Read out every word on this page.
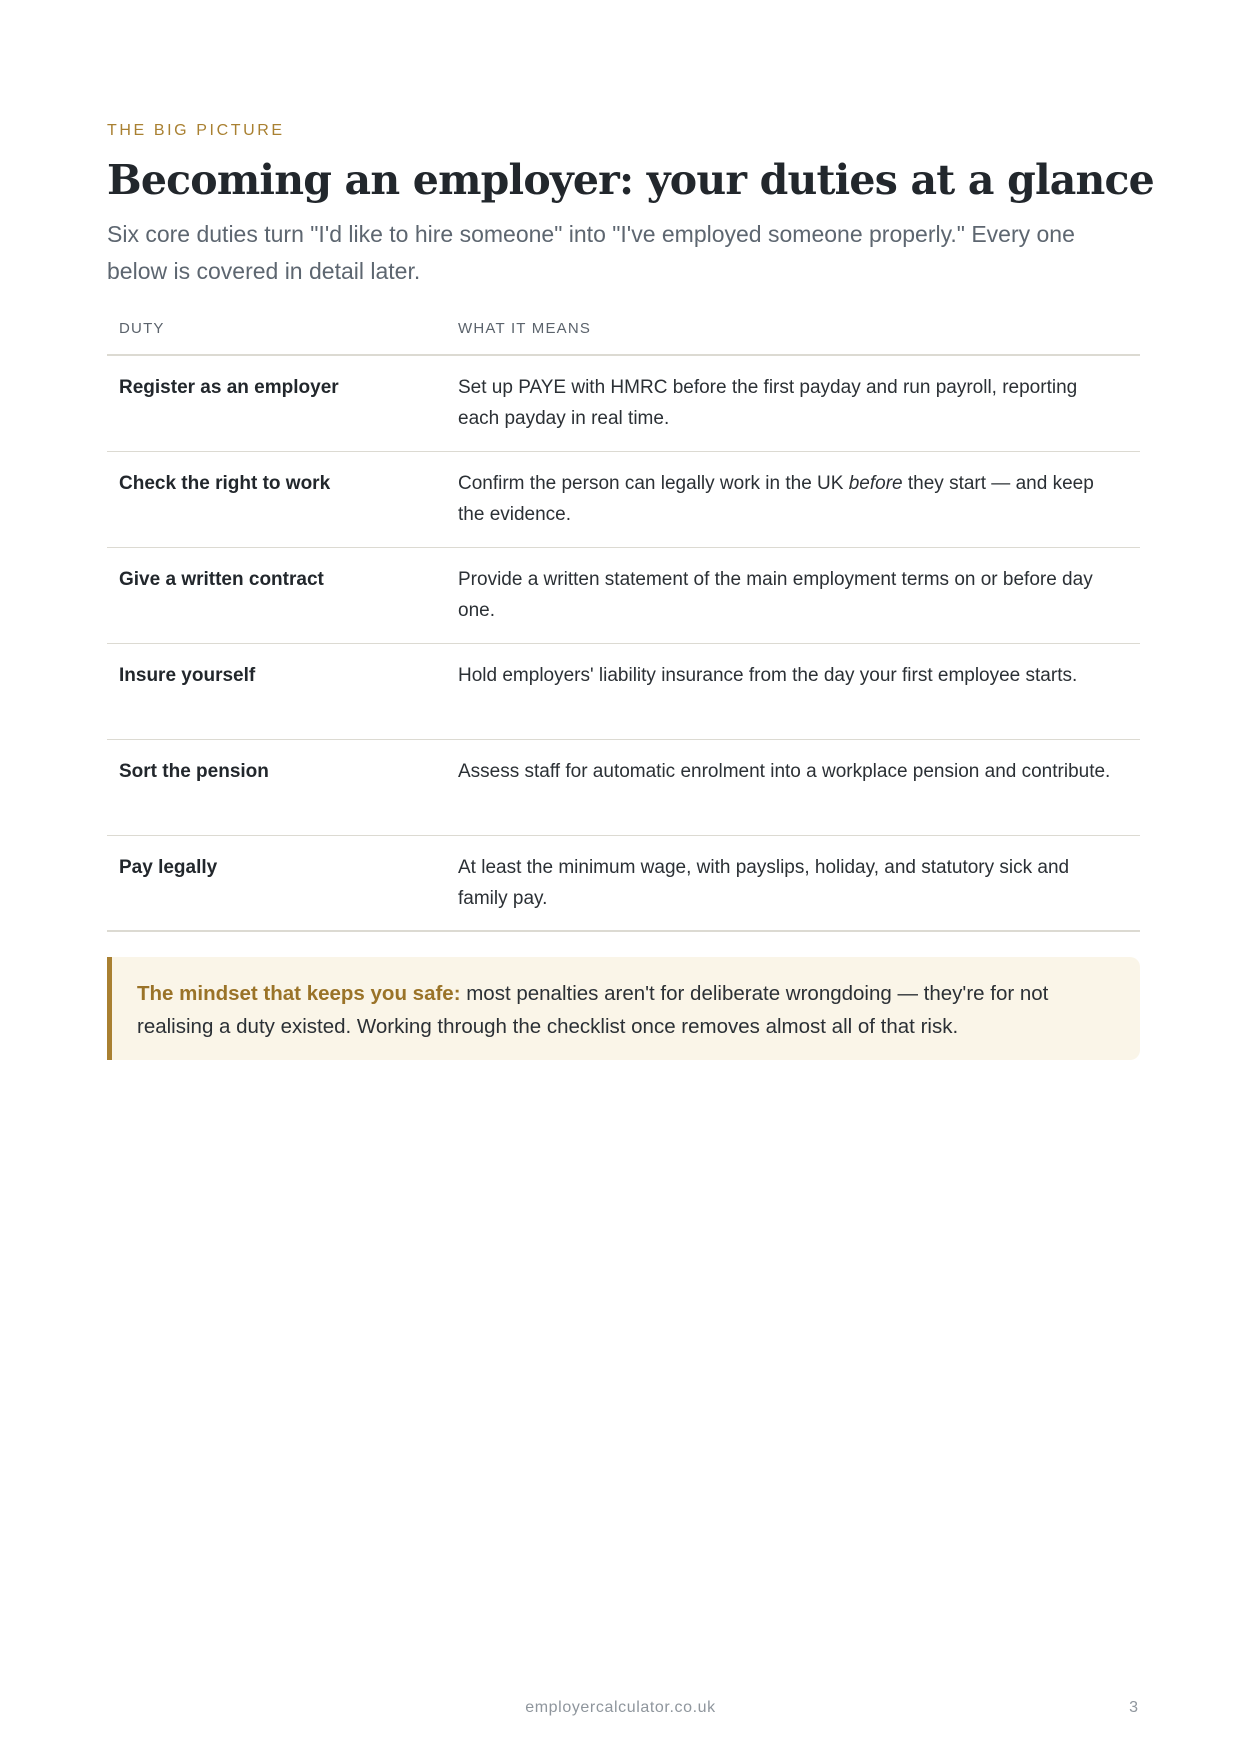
THE BIG PICTURE
Becoming an employer: your duties at a glance

Six core duties turn "I'd like to hire someone" into "I've employed someone properly." Every one below is covered in detail later.

DUTY	WHAT IT MEANS
Register as an employer	Set up PAYE with HMRC before the first payday and run payroll, reporting each payday in real time.
Check the right to work	Confirm the person can legally work in the UK before they start — and keep the evidence.
Give a written contract	Provide a written statement of the main employment terms on or before day one.
Insure yourself	Hold employers' liability insurance from the day your first employee starts.
Sort the pension	Assess staff for automatic enrolment into a workplace pension and contribute.
Pay legally	At least the minimum wage, with payslips, holiday, and statutory sick and family pay.
The mindset that keeps you safe: most penalties aren't for deliberate wrongdoing — they're for not realising a duty existed. Working through the checklist once removes almost all of that risk.
employercalculator.co.uk	3
